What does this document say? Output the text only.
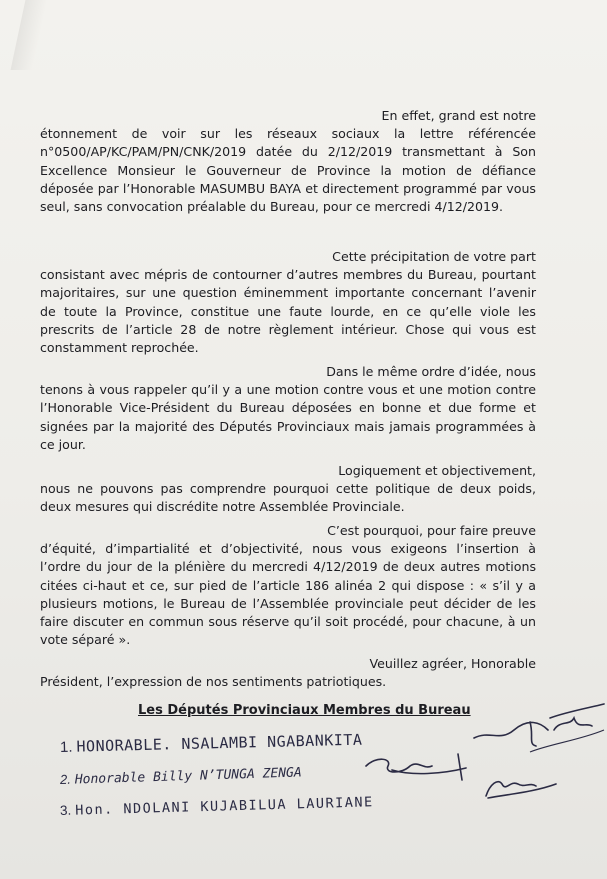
En effet, grand est notre
étonnement de voir sur les réseaux sociaux la lettre référencée n°0500/AP/KC/PAM/PN/CNK/2019 datée du 2/12/2019 transmettant à Son Excellence Monsieur le Gouverneur de Province la motion de défiance déposée par l’Honorable MASUMBU BAYA et directement programmé par vous seul, sans convocation préalable du Bureau, pour ce mercredi 4/12/2019.
Cette précipitation de votre part
consistant avec mépris de contourner d’autres membres du Bureau, pourtant majoritaires, sur une question éminemment importante concernant l’avenir de toute la Province, constitue une faute lourde, en ce qu’elle viole les prescrits de l’article 28 de notre règlement intérieur. Chose qui vous est constamment reprochée.
Dans le même ordre d’idée, nous
tenons à vous rappeler qu’il y a une motion contre vous et une motion contre l’Honorable Vice-Président du Bureau déposées en bonne et due forme et signées par la majorité des Députés Provinciaux mais jamais programmées à ce jour.
Logiquement et objectivement,
nous ne pouvons pas comprendre pourquoi cette politique de deux poids, deux mesures qui discrédite notre Assemblée Provinciale.
C’est pourquoi, pour faire preuve
d’équité, d’impartialité et d’objectivité, nous vous exigeons l’insertion à l’ordre du jour de la plénière du mercredi 4/12/2019 de deux autres motions citées ci-haut et ce, sur pied de l’article 186 alinéa 2 qui dispose : « s’il y a plusieurs motions, le Bureau de l’Assemblée provinciale peut décider de les faire discuter en commun sous réserve qu’il soit procédé, pour chacune, à un vote séparé ».
Veuillez agréer, Honorable
Président, l’expression de nos sentiments patriotiques.
Les Députés Provinciaux Membres du Bureau
1. HONORABLE. NSALAMBI NGABANKITA
2. Honorable Billy N’TUNGA ZENGA
3. Hon. NDOLANI KUJABILUA LAURIANE
